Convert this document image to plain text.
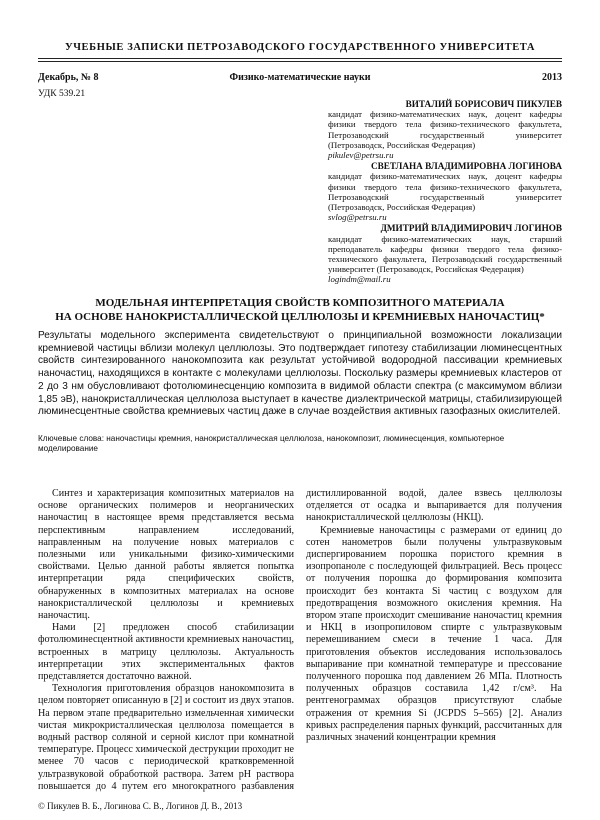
УЧЕБНЫЕ ЗАПИСКИ ПЕТРОЗАВОДСКОГО ГОСУДАРСТВЕННОГО УНИВЕРСИТЕТА
Декабрь, № 8	Физико-математические науки	2013
УДК 539.21
ВИТАЛИЙ БОРИСОВИЧ ПИКУЛЕВ
кандидат физико-математических наук, доцент кафедры физики твердого тела физико-технического факультета, Петрозаводский государственный университет (Петрозаводск, Российская Федерация)
pikulev@petrsu.ru
СВЕТЛАНА ВЛАДИМИРОВНА ЛОГИНОВА
кандидат физико-математических наук, доцент кафедры физики твердого тела физико-технического факультета, Петрозаводский государственный университет (Петрозаводск, Российская Федерация)
svlog@petrsu.ru
ДМИТРИЙ ВЛАДИМИРОВИЧ ЛОГИНОВ
кандидат физико-математических наук, старший преподаватель кафедры физики твердого тела физико-технического факультета, Петрозаводский государственный университет (Петрозаводск, Российская Федерация)
logindm@mail.ru
МОДЕЛЬНАЯ ИНТЕРПРЕТАЦИЯ СВОЙСТВ КОМПОЗИТНОГО МАТЕРИАЛА
НА ОСНОВЕ НАНОКРИСТАЛЛИЧЕСКОЙ ЦЕЛЛЮЛОЗЫ И КРЕМНИЕВЫХ НАНОЧАСТИЦ*
Результаты модельного эксперимента свидетельствуют о принципиальной возможности локализации кремниевой частицы вблизи молекул целлюлозы. Это подтверждает гипотезу стабилизации люминесцентных свойств синтезированного нанокомпозита как результат устойчивой водородной пассивации кремниевых наночастиц, находящихся в контакте с молекулами целлюлозы. Поскольку размеры кремниевых кластеров от 2 до 3 нм обусловливают фотолюминесценцию композита в видимой области спектра (с максимумом вблизи 1,85 эВ), нанокристаллическая целлюлоза выступает в качестве диэлектрической матрицы, стабилизирующей люминесцентные свойства кремниевых частиц даже в случае воздействия активных газофазных окислителей.
Ключевые слова: наночастицы кремния, нанокристаллическая целлюлоза, нанокомпозит, люминесценция, компьютерное моделирование

Синтез и характеризация композитных материалов на основе органических полимеров и неорганических наночастиц в настоящее время представляется весьма перспективным направлением исследований, направленным на получение новых материалов с полезными или уникальными физико-химическими свойствами. Целью данной работы является попытка интерпретации ряда специфических свойств, обнаруженных в композитных материалах на основе нанокристаллической целлюлозы и кремниевых наночастиц.

Нами [2] предложен способ стабилизации фотолюминесцентной активности кремниевых наночастиц, встроенных в матрицу целлюлозы. Актуальность интерпретации этих экспериментальных фактов представляется достаточно важной.

Технология приготовления образцов нанокомпозита в целом повторяет описанную в [2] и состоит из двух этапов. На первом этапе предварительно измельченная химически чистая микрокристаллическая целлюлоза помещается в водный раствор соляной и серной кислот при комнатной температуре. Процесс химической деструкции проходит не менее 70 часов с периодической кратковременной ультразвуковой обработкой раствора. Затем pH раствора повышается до 4 путем его многократного разбавления дистиллированной водой, далее взвесь целлюлозы отделяется от осадка и выпаривается для получения нанокристаллической целлюлозы (НКЦ).

Кремниевые наночастицы с размерами от единиц до сотен нанометров были получены ультразвуковым диспергированием порошка пористого кремния в изопропаноле с последующей фильтрацией. Весь процесс от получения порошка до формирования композита происходит без контакта Si частиц с воздухом для предотвращения возможного окисления кремния. На втором этапе происходит смешивание наночастиц кремния и НКЦ в изопропиловом спирте с ультразвуковым перемешиванием смеси в течение 1 часа. Для приготовления объектов исследования использовалось выпаривание при комнатной температуре и прессование полученного порошка под давлением 26 МПа. Плотность полученных образцов составила 1,42 г/см³. На рентгенограммах образцов присутствуют слабые отражения от кремния Si (JCPDS 5–565) [2]. Анализ кривых распределения парных функций, рассчитанных для различных значений концентрации кремния

© Пикулев В. Б., Логинова С. В., Логинов Д. В., 2013
